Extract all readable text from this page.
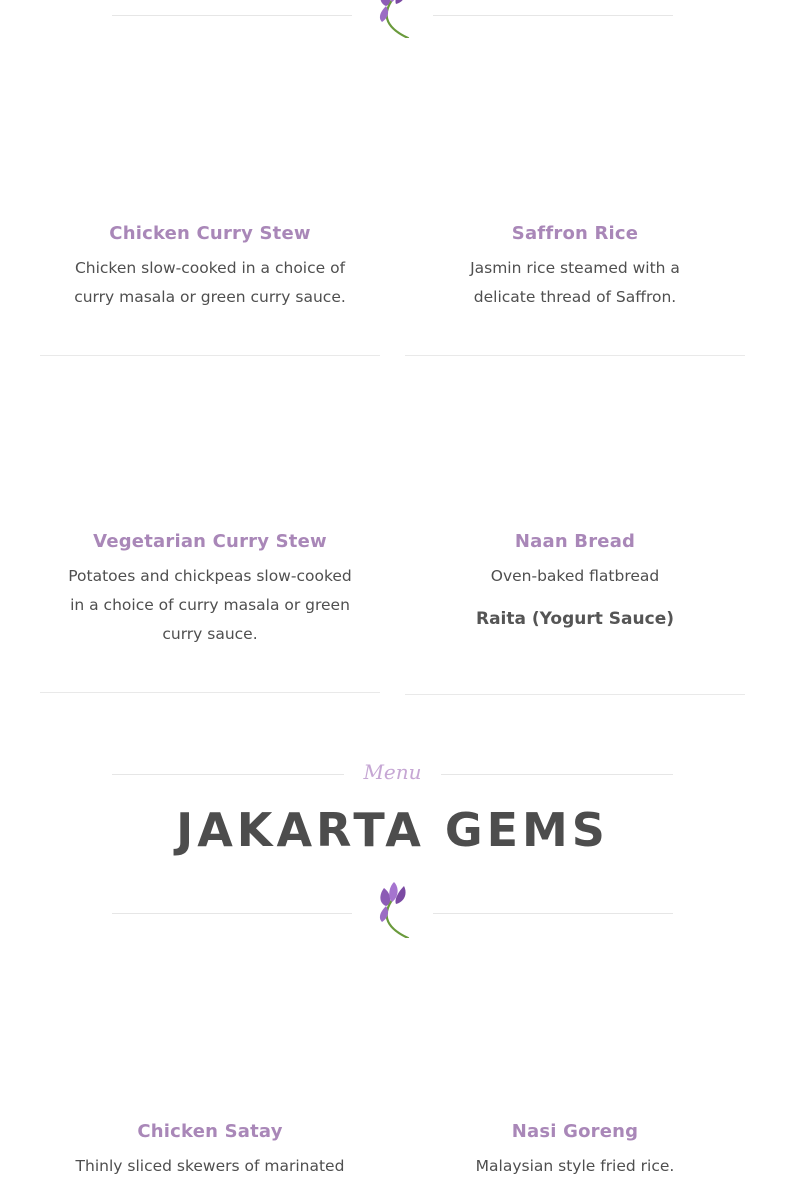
Chicken Curry Stew

Chicken slow-cooked in a choice of curry masala or green curry sauce.

Saffron Rice

Jasmin rice steamed with a delicate thread of Saffron.

Vegetarian Curry Stew

Potatoes and chickpeas slow-cooked in a choice of curry masala or green curry sauce.

Naan Bread

Oven-baked flatbread

Raita (Yogurt Sauce)

Menu
JAKARTA GEMS
Chicken Satay

Thinly sliced skewers of marinated

Nasi Goreng

Malaysian style fried rice.
